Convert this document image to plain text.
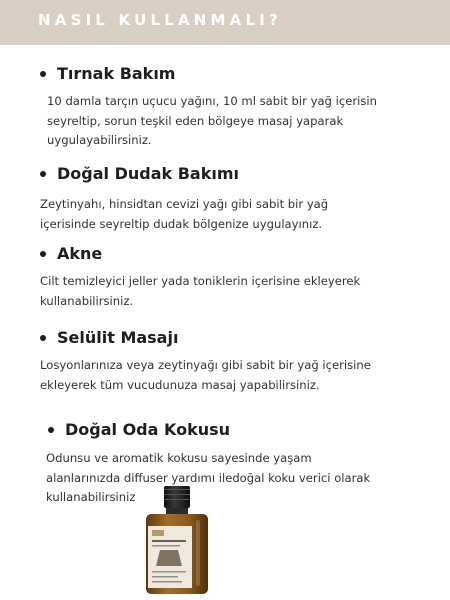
NASIL KULLANMALI?
Tırnak Bakım
10 damla tarçın uçucu yağını, 10 ml sabit bir yağ içerisin
seyreltip, sorun teşkil eden bölgeye masaj yaparak
uygulayabilirsiniz.
Doğal Dudak Bakımı
Zeytinyahı, hinsidtan cevizi yağı gibi sabit bir yağ
içerisinde seyreltip dudak bölgenize uygulayınız.
Akne
Cilt temizleyici jeller yada toniklerin içerisine ekleyerek
kullanabilirsiniz.
Selülit Masajı
Losyonlarınıza veya zeytinyağı gibi sabit bir yağ içerisine
ekleyerek tüm vucudunuza masaj yapabilirsiniz.
Doğal Oda Kokusu
Odunsu ve aromatik kokusu sayesinde yaşam
alanlarınızda diffuser yardımı iledoğal koku verici olarak
kullanabilirsiniz
